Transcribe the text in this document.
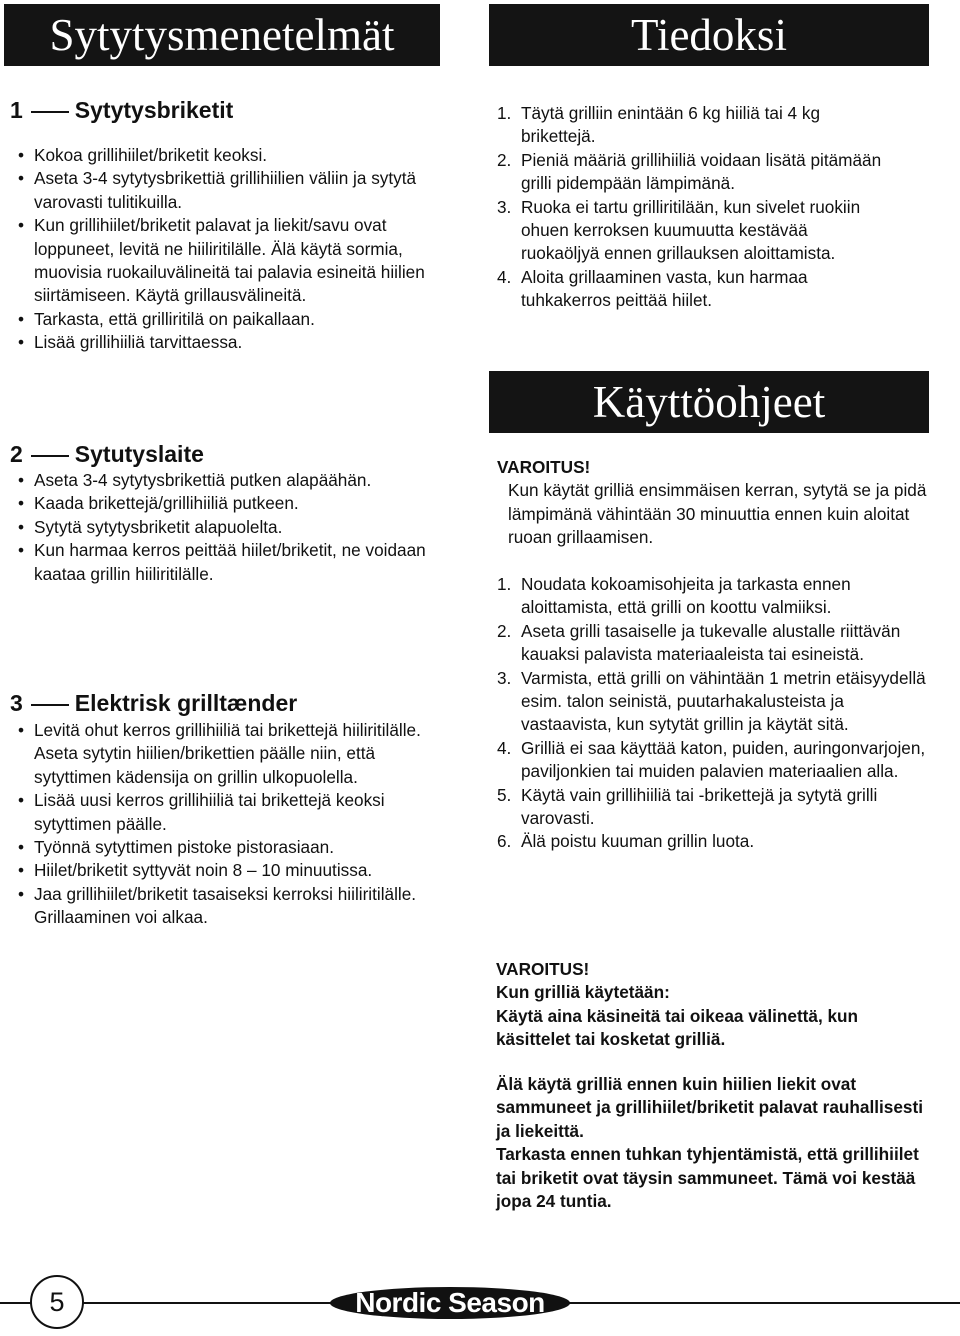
Sytytysmenetelmät	Tiedoksi
Käyttöohjeet
1 Sytytysbriketit
• Kokoa grillihiilet/briketit keoksi.
• Aseta 3-4 sytytysbrikettiä grillihiilien väliin ja sytytä varovasti tulitikuilla.
• Kun grillihiilet/briketit palavat ja liekit/savu ovat loppuneet, levitä ne hiiliritilälle. Älä käytä sormia, muovisia ruokailuvälineitä tai palavia esineitä hiilien siirtämiseen. Käytä grillausvälineitä.
• Tarkasta, että grilliritilä on paikallaan.
• Lisää grillihiiliä tarvittaessa.
2 Sytutyslaite
• Aseta 3-4 sytytysbrikettiä putken alapäähän.
• Kaada brikettejä/grillihiiliä putkeen.
• Sytytä sytytysbriketit alapuolelta.
• Kun harmaa kerros peittää hiilet/briketit, ne voidaan kaataa grillin hiiliritilälle.
3 Elektrisk grilltænder
• Levitä ohut kerros grillihiiliä tai brikettejä hiiliritilälle. Aseta sytytin hiilien/brikettien päälle niin, että sytyttimen kädensija on grillin ulkopuolella.
• Lisää uusi kerros grillihiiliä tai brikettejä keoksi sytyttimen päälle.
• Työnnä sytyttimen pistoke pistorasiaan.
• Hiilet/briketit syttyvät noin 8 – 10 minuutissa.
• Jaa grillihiilet/briketit tasaiseksi kerroksi hiiliritilälle. Grillaaminen voi alkaa.
1. Täytä grilliin enintään 6 kg hiiliä tai 4 kg brikettejä.
2. Pieniä määriä grillihiiliä voidaan lisätä pitämään grilli pidempään lämpimänä.
3. Ruoka ei tartu grilliritilään, kun sivelet ruokiin ohuen kerroksen kuumuutta kestävää ruokaöljyä ennen grillauksen aloittamista.
4. Aloita grillaaminen vasta, kun harmaa tuhkakerros peittää hiilet.
VAROITUS!
Kun käytät grilliä ensimmäisen kerran, sytytä se ja pidä lämpimänä vähintään 30 minuuttia ennen kuin aloitat ruoan grillaamisen.
1. Noudata kokoamisohjeita ja tarkasta ennen aloittamista, että grilli on koottu valmiiksi.
2. Aseta grilli tasaiselle ja tukevalle alustalle riittävän kauaksi palavista materiaaleista tai esineistä.
3. Varmista, että grilli on vähintään 1 metrin etäisyydellä esim. talon seinistä, puutarhakalusteista ja vastaavista, kun sytytät grillin ja käytät sitä.
4. Grilliä ei saa käyttää katon, puiden, auringonvarjojen, paviljonkien tai muiden palavien materiaalien alla.
5. Käytä vain grillihiiliä tai -brikettejä ja sytytä grilli varovasti.
6. Älä poistu kuuman grillin luota.
VAROITUS!
Kun grilliä käytetään:
Käytä aina käsineitä tai oikeaa välinettä, kun käsittelet tai kosketat grilliä.
Älä käytä grilliä ennen kuin hiilien liekit ovat sammuneet ja grillihiilet/briketit palavat rauhallisesti ja liekeittä.
Tarkasta ennen tuhkan tyhjentämistä, että grillihiilet tai briketit ovat täysin sammuneet. Tämä voi kestää jopa 24 tuntia.
5	Nordic Season
